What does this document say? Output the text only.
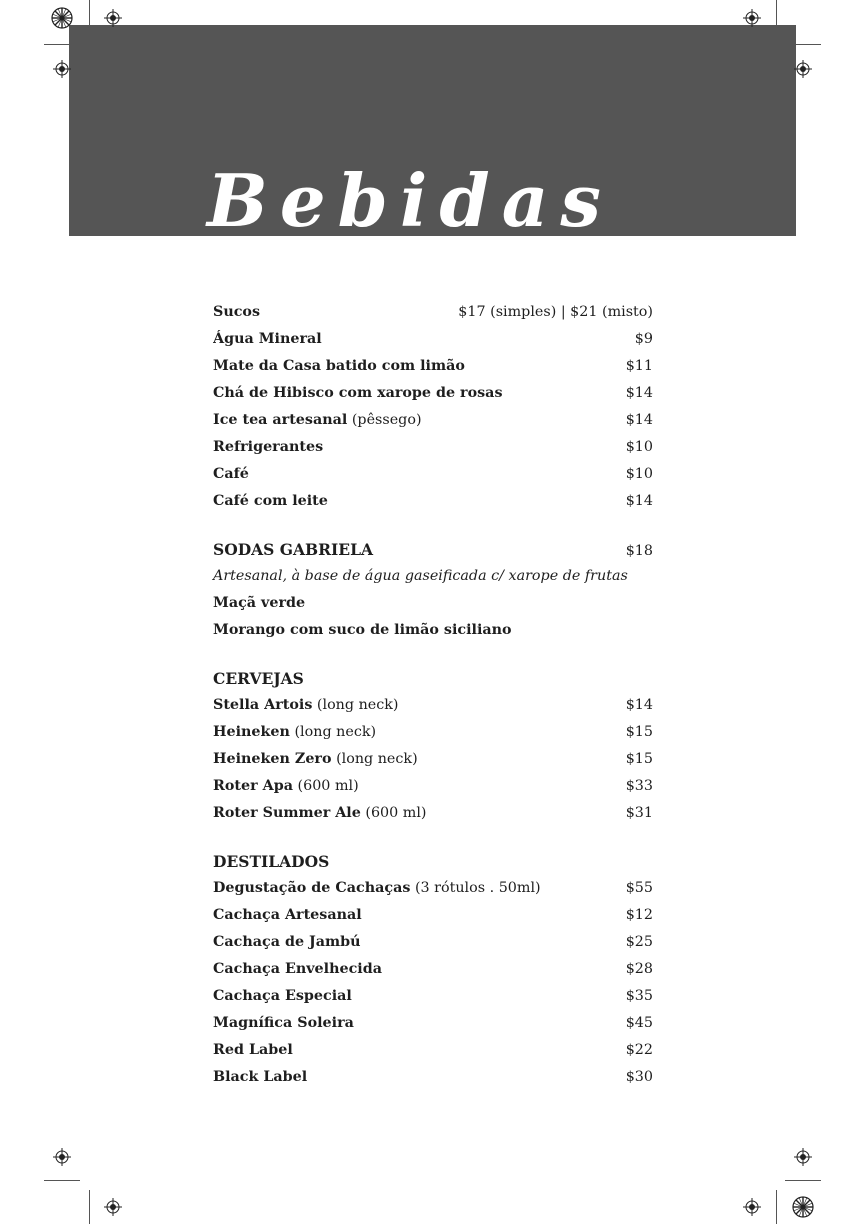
Bebidas
Sucos	$17 (simples) | $21 (misto)
Água Mineral	$9
Mate da Casa batido com limão	$11
Chá de Hibisco com xarope de rosas	$14
Ice tea artesanal (pêssego)	$14
Refrigerantes	$10
Café	$10
Café com leite	$14
SODAS GABRIELA	$18
Artesanal, à base de água gaseificada c/ xarope de frutas
Maçã verde
Morango com suco de limão siciliano
CERVEJAS
Stella Artois (long neck)	$14
Heineken (long neck)	$15
Heineken Zero (long neck)	$15
Roter Apa (600 ml)	$33
Roter Summer Ale (600 ml)	$31
DESTILADOS
Degustação de Cachaças (3 rótulos . 50ml)	$55
Cachaça Artesanal	$12
Cachaça de Jambú	$25
Cachaça Envelhecida	$28
Cachaça Especial	$35
Magnífica Soleira	$45
Red Label	$22
Black Label	$30
